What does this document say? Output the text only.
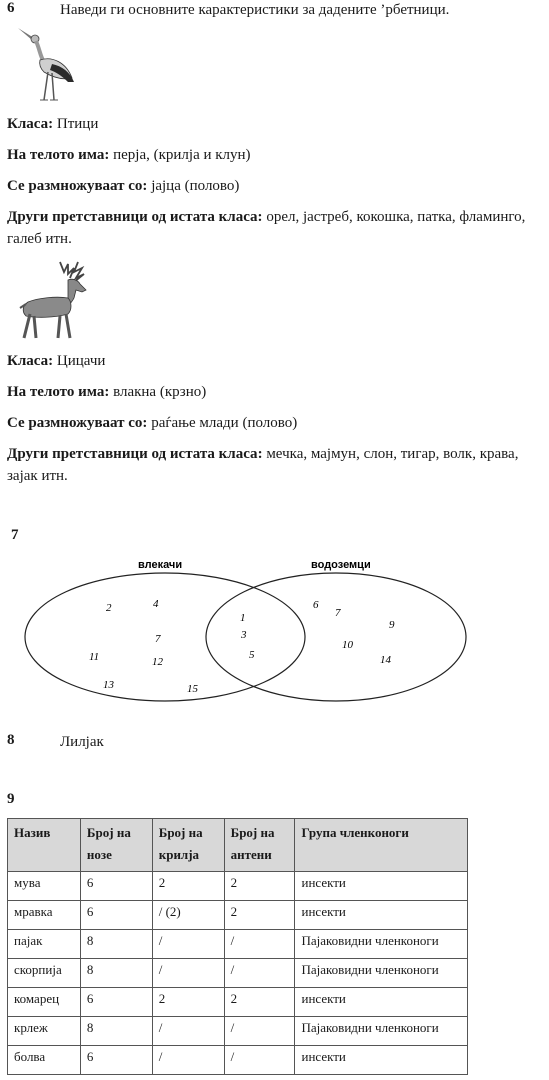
6	Наведи ги основните карактеристики за дадените ’рбетници.
Класа: Птици
На телото има: перја, (крилја и клун)
Се размножуваат со: јајца (полово)
Други претставници од истата класа: орел, јастреб, кокошка, патка, фламинго, галеб итн.
Класа: Цицачи
На телото има: влакна (крзно)
Се размножуваат со: раѓање млади (полово)
Други претставници од истата класа: мечка, мајмун, слон, тигар, волк, крава, зајак итн.
7
влекачи	водоземци
2	4
7
11	12
13	15
1
3
5
6
7
9
10
14
8	Лилјак
9
Назив	Број на нозе	Број на крилја	Број на антени	Група членконоги
мува	6	2	2	инсекти
мравка	6	/ (2)	2	инсекти
пајак	8	/	/	Пајаковидни членконоги
скорпија	8	/	/	Пајаковидни членконоги
комарец	6	2	2	инсекти
крлеж	8	/	/	Пајаковидни членконоги
болва	6	/	/	инсекти
